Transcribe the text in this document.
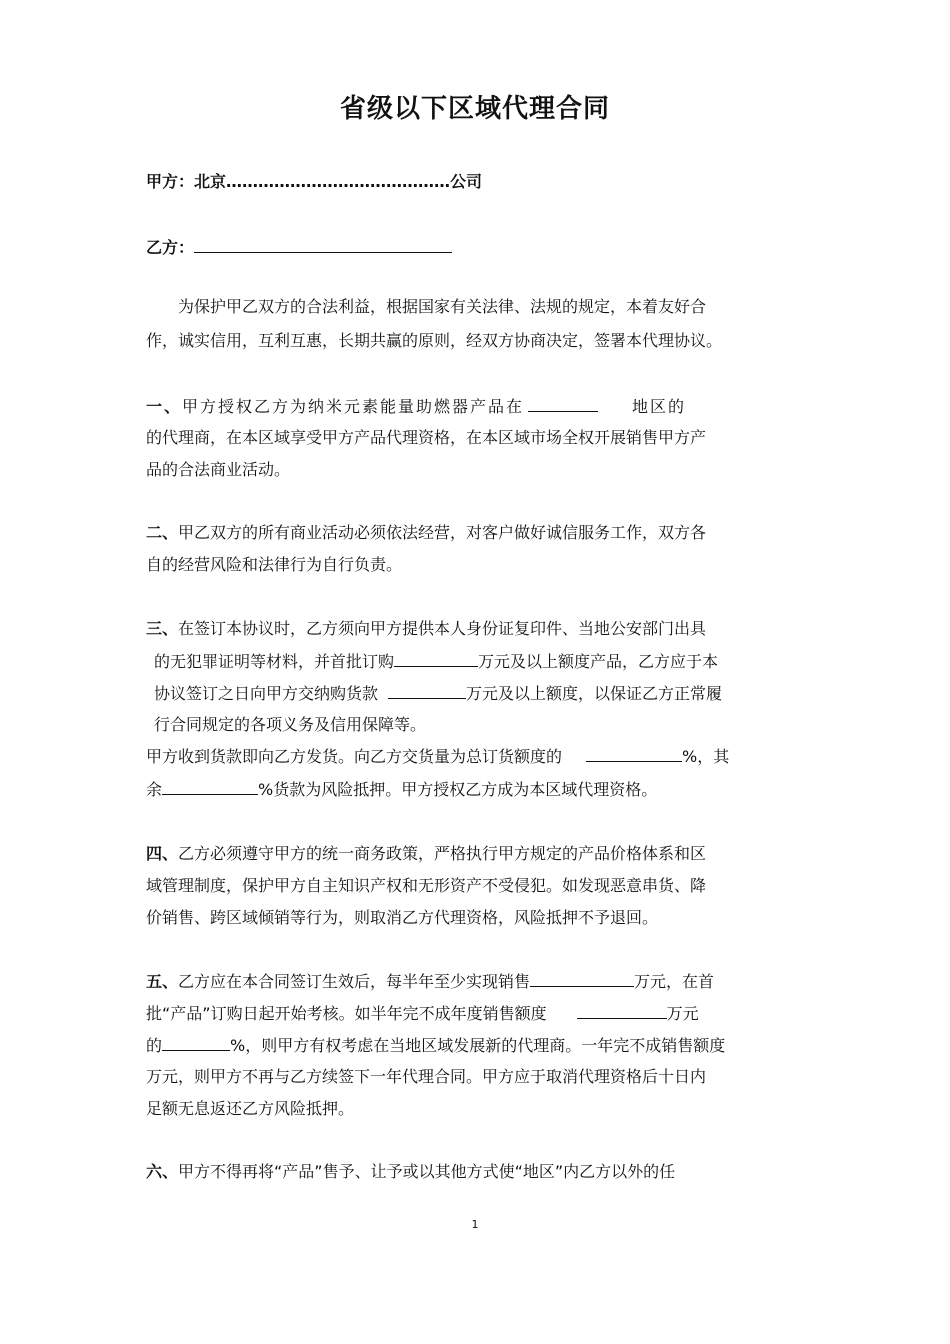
省级以下区域代理合同
甲方：北京……………………………………公司
乙方：
为保护甲乙双方的合法利益，根据国家有关法律、法规的规定，本着友好合
作，诚实信用，互利互惠，长期共赢的原则，经双方协商决定，签署本代理协议。
一、甲方授权乙方为纳米元素能量助燃器产品在	地区的
的代理商，在本区域享受甲方产品代理资格，在本区域市场全权开展销售甲方产
品的合法商业活动。
二、甲乙双方的所有商业活动必须依法经营，对客户做好诚信服务工作，双方各
自的经营风险和法律行为自行负责。
三、在签订本协议时，乙方须向甲方提供本人身份证复印件、当地公安部门出具
的无犯罪证明等材料，并首批订购	万元及以上额度产品，乙方应于本
协议签订之日向甲方交纳购货款	万元及以上额度，以保证乙方正常履
行合同规定的各项义务及信用保障等。
甲方收到货款即向乙方发货。向乙方交货量为总订货额度的	%，其
余	%货款为风险抵押。甲方授权乙方成为本区域代理资格。
四、乙方必须遵守甲方的统一商务政策，严格执行甲方规定的产品价格体系和区
域管理制度，保护甲方自主知识产权和无形资产不受侵犯。如发现恶意串货、降
价销售、跨区域倾销等行为，则取消乙方代理资格，风险抵押不予退回。
五、乙方应在本合同签订生效后，每半年至少实现销售	万元，在首
批“产品”订购日起开始考核。如半年完不成年度销售额度	万元
的	%，则甲方有权考虑在当地区域发展新的代理商。一年完不成销售额度
万元，则甲方不再与乙方续签下一年代理合同。甲方应于取消代理资格后十日内
足额无息返还乙方风险抵押。
六、甲方不得再将“产品”售予、让予或以其他方式使“地区”内乙方以外的任
1
